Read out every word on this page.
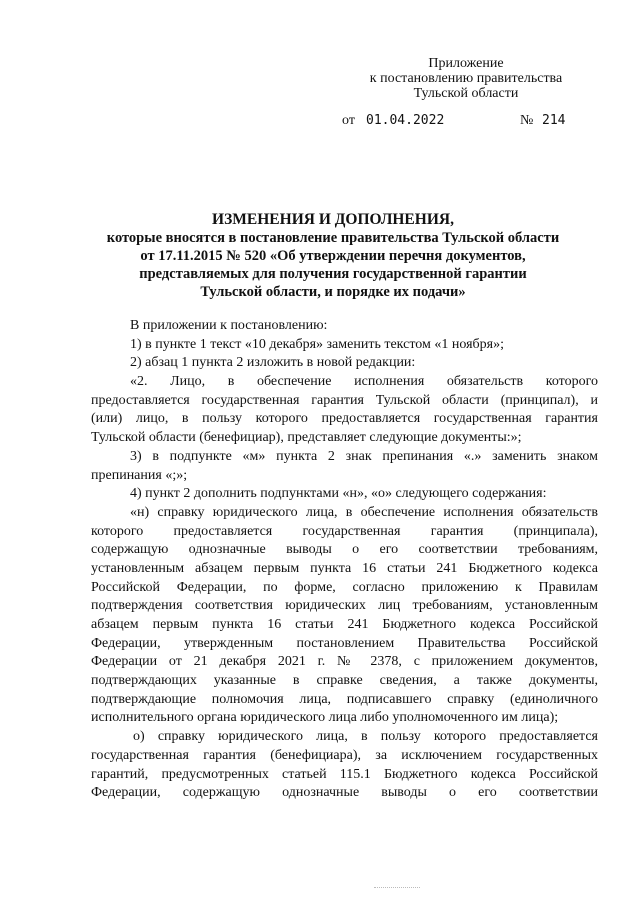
Приложение
к постановлению правительства
Тульской области
от 01.04.2022	№ 214
ИЗМЕНЕНИЯ И ДОПОЛНЕНИЯ,
которые вносятся в постановление правительства Тульской области
от 17.11.2015 № 520 «Об утверждении перечня документов,
представляемых для получения государственной гарантии
Тульской области, и порядке их подачи»
В приложении к постановлению:
1) в пункте 1 текст «10 декабря» заменить текстом «1 ноября»;
2) абзац 1 пункта 2 изложить в новой редакции:
«2. Лицо, в обеспечение исполнения обязательств которого
предоставляется государственная гарантия Тульской области (принципал), и
(или) лицо, в пользу которого предоставляется государственная гарантия
Тульской области (бенефициар), представляет следующие документы:»;
3) в подпункте «м» пункта 2 знак препинания «.» заменить знаком
препинания «;»;
4) пункт 2 дополнить подпунктами «н», «о» следующего содержания:
«н) справку юридического лица, в обеспечение исполнения обязательств
которого предоставляется государственная гарантия (принципала),
содержащую однозначные выводы о его соответствии требованиям,
установленным абзацем первым пункта 16 статьи 241 Бюджетного кодекса
Российской Федерации, по форме, согласно приложению к Правилам
подтверждения соответствия юридических лиц требованиям, установленным
абзацем первым пункта 16 статьи 241 Бюджетного кодекса Российской
Федерации, утвержденным постановлением Правительства Российской
Федерации от 21 декабря 2021 г. № 2378, с приложением документов,
подтверждающих указанные в справке сведения, а также документы,
подтверждающие полномочия лица, подписавшего справку (единоличного
исполнительного органа юридического лица либо уполномоченного им лица);
о) справку юридического лица, в пользу которого предоставляется
государственная гарантия (бенефициара), за исключением государственных
гарантий, предусмотренных статьей 115.1 Бюджетного кодекса Российской
Федерации, содержащую однозначные выводы о его соответствии
